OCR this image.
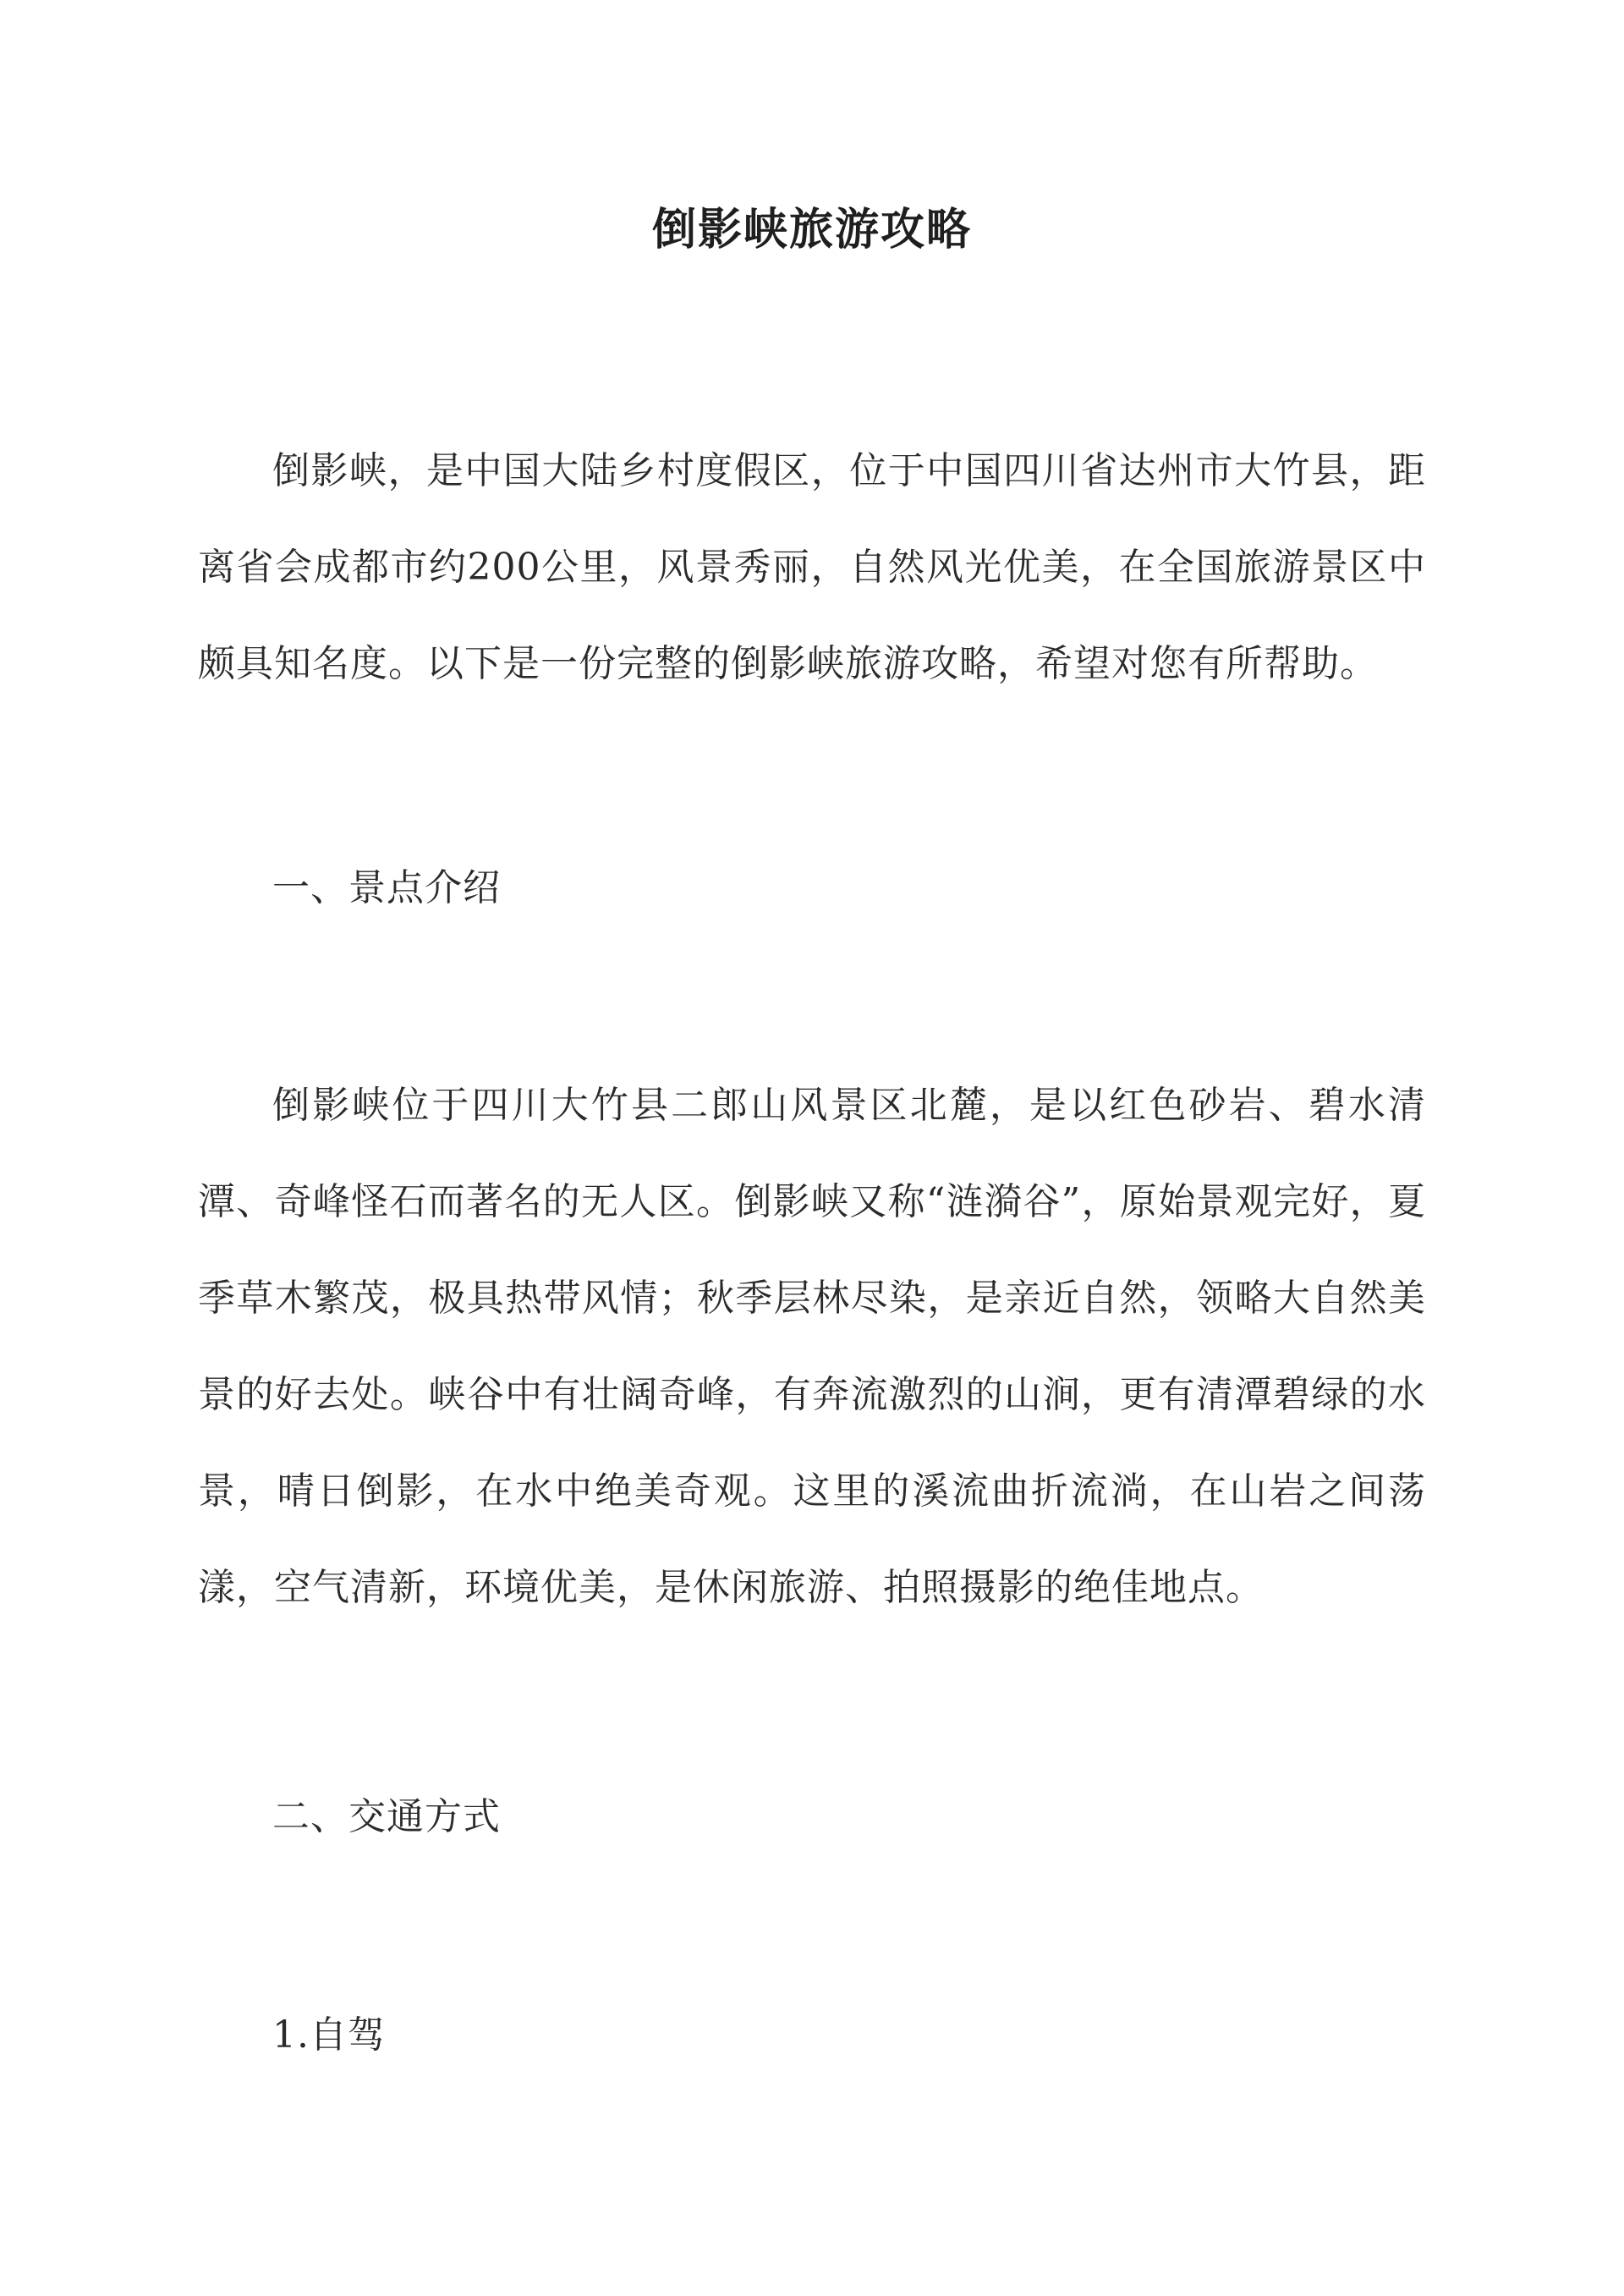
倒影峡旅游攻略

倒影峡，是中国大陆乡村度假区，位于中国四川省达州市大竹县，距离省会成都市约200公里，风景秀丽，自然风光优美，在全国旅游景区中颇具知名度。以下是一份完整的倒影峡旅游攻略，希望对您有所帮助。

一、景点介绍

倒影峡位于四川大竹县二郎山风景区北麓，是以红色砂岩、碧水清潭、奇峰怪石而著名的无人区。倒影峡又称“涟漪谷”，原始景观完好，夏季草木繁茂，极具热带风情；秋季层林尽染，是亲近自然，领略大自然美景的好去处。峡谷中有壮阔奇峰，有奔流激烈的山涧，更有清潭碧绿的水景，晴日倒影，在水中绝美奇观。这里的溪流曲折流淌，在山岩之间荡漾，空气清新，环境优美，是休闲旅游、拍照摄影的绝佳地点。

二、交通方式
1.自驾
